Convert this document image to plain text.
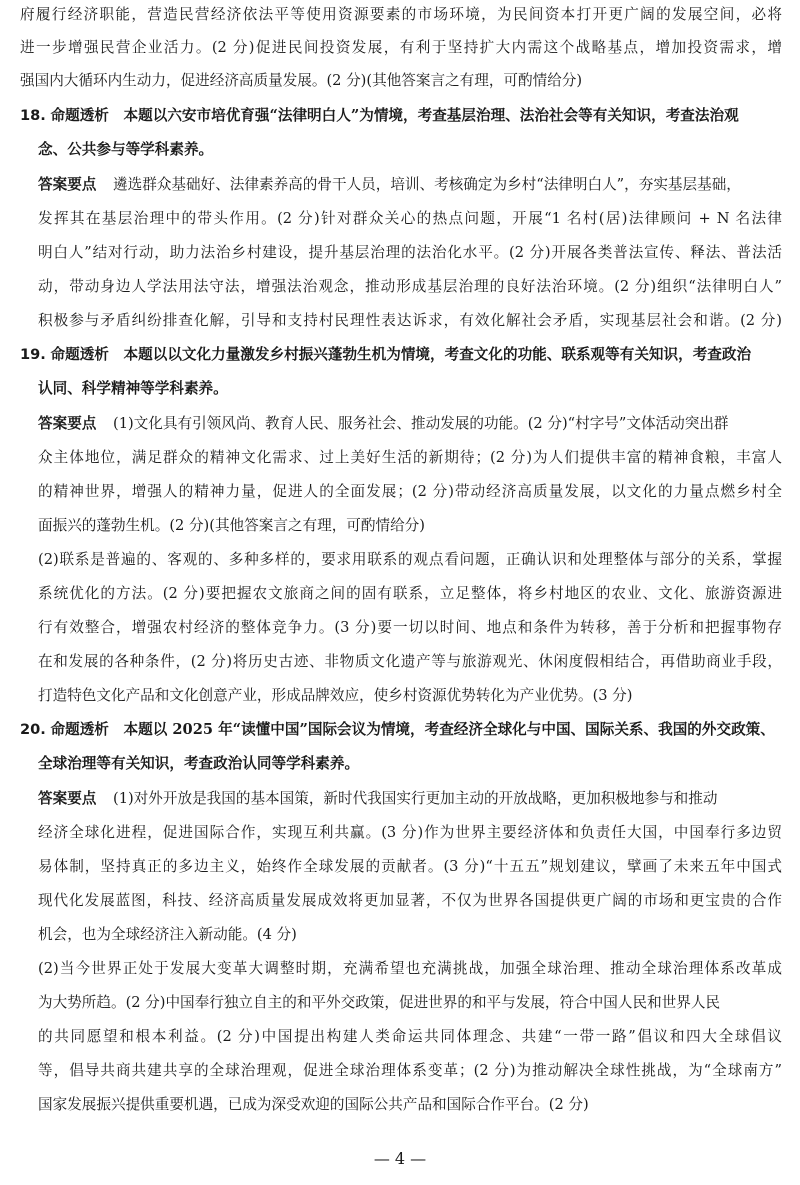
府履行经济职能，营造民营经济依法平等使用资源要素的市场环境，为民间资本打开更广阔的发展空间，必将
进一步增强民营企业活力。(2 分)促进民间投资发展，有利于坚持扩大内需这个战略基点，增加投资需求，增
强国内大循环内生动力，促进经济高质量发展。(2 分)(其他答案言之有理，可酌情给分)
18. 命题透析 本题以六安市培优育强“法律明白人”为情境，考查基层治理、法治社会等有关知识，考查法治观
念、公共参与等学科素养。
答案要点 遴选群众基础好、法律素养高的骨干人员，培训、考核确定为乡村“法律明白人”，夯实基层基础，
发挥其在基层治理中的带头作用。(2 分)针对群众关心的热点问题，开展“1 名村(居)法律顾问 + N 名法律
明白人”结对行动，助力法治乡村建设，提升基层治理的法治化水平。(2 分)开展各类普法宣传、释法、普法活
动，带动身边人学法用法守法，增强法治观念，推动形成基层治理的良好法治环境。(2 分)组织“法律明白人”
积极参与矛盾纠纷排查化解，引导和支持村民理性表达诉求，有效化解社会矛盾，实现基层社会和谐。(2 分)
19. 命题透析 本题以以文化力量激发乡村振兴蓬勃生机为情境，考查文化的功能、联系观等有关知识，考查政治
认同、科学精神等学科素养。
答案要点 (1)文化具有引领风尚、教育人民、服务社会、推动发展的功能。(2 分)“村字号”文体活动突出群
众主体地位，满足群众的精神文化需求、过上美好生活的新期待；(2 分)为人们提供丰富的精神食粮，丰富人
的精神世界，增强人的精神力量，促进人的全面发展；(2 分)带动经济高质量发展，以文化的力量点燃乡村全
面振兴的蓬勃生机。(2 分)(其他答案言之有理，可酌情给分)
(2)联系是普遍的、客观的、多种多样的，要求用联系的观点看问题，正确认识和处理整体与部分的关系，掌握
系统优化的方法。(2 分)要把握农文旅商之间的固有联系，立足整体，将乡村地区的农业、文化、旅游资源进
行有效整合，增强农村经济的整体竞争力。(3 分)要一切以时间、地点和条件为转移，善于分析和把握事物存
在和发展的各种条件，(2 分)将历史古迹、非物质文化遗产等与旅游观光、休闲度假相结合，再借助商业手段，
打造特色文化产品和文化创意产业，形成品牌效应，使乡村资源优势转化为产业优势。(3 分)
20. 命题透析 本题以 2025 年“读懂中国”国际会议为情境，考查经济全球化与中国、国际关系、我国的外交政策、
全球治理等有关知识，考查政治认同等学科素养。
答案要点 (1)对外开放是我国的基本国策，新时代我国实行更加主动的开放战略，更加积极地参与和推动
经济全球化进程，促进国际合作，实现互利共赢。(3 分)作为世界主要经济体和负责任大国，中国奉行多边贸
易体制，坚持真正的多边主义，始终作全球发展的贡献者。(3 分)“十五五”规划建议，擘画了未来五年中国式
现代化发展蓝图，科技、经济高质量发展成效将更加显著，不仅为世界各国提供更广阔的市场和更宝贵的合作
机会，也为全球经济注入新动能。(4 分)
(2)当今世界正处于发展大变革大调整时期，充满希望也充满挑战，加强全球治理、推动全球治理体系改革成
为大势所趋。(2 分)中国奉行独立自主的和平外交政策，促进世界的和平与发展，符合中国人民和世界人民
的共同愿望和根本利益。(2 分)中国提出构建人类命运共同体理念、共建“一带一路”倡议和四大全球倡议
等，倡导共商共建共享的全球治理观，促进全球治理体系变革；(2 分)为推动解决全球性挑战，为“全球南方”
国家发展振兴提供重要机遇，已成为深受欢迎的国际公共产品和国际合作平台。(2 分)
— 4 —
